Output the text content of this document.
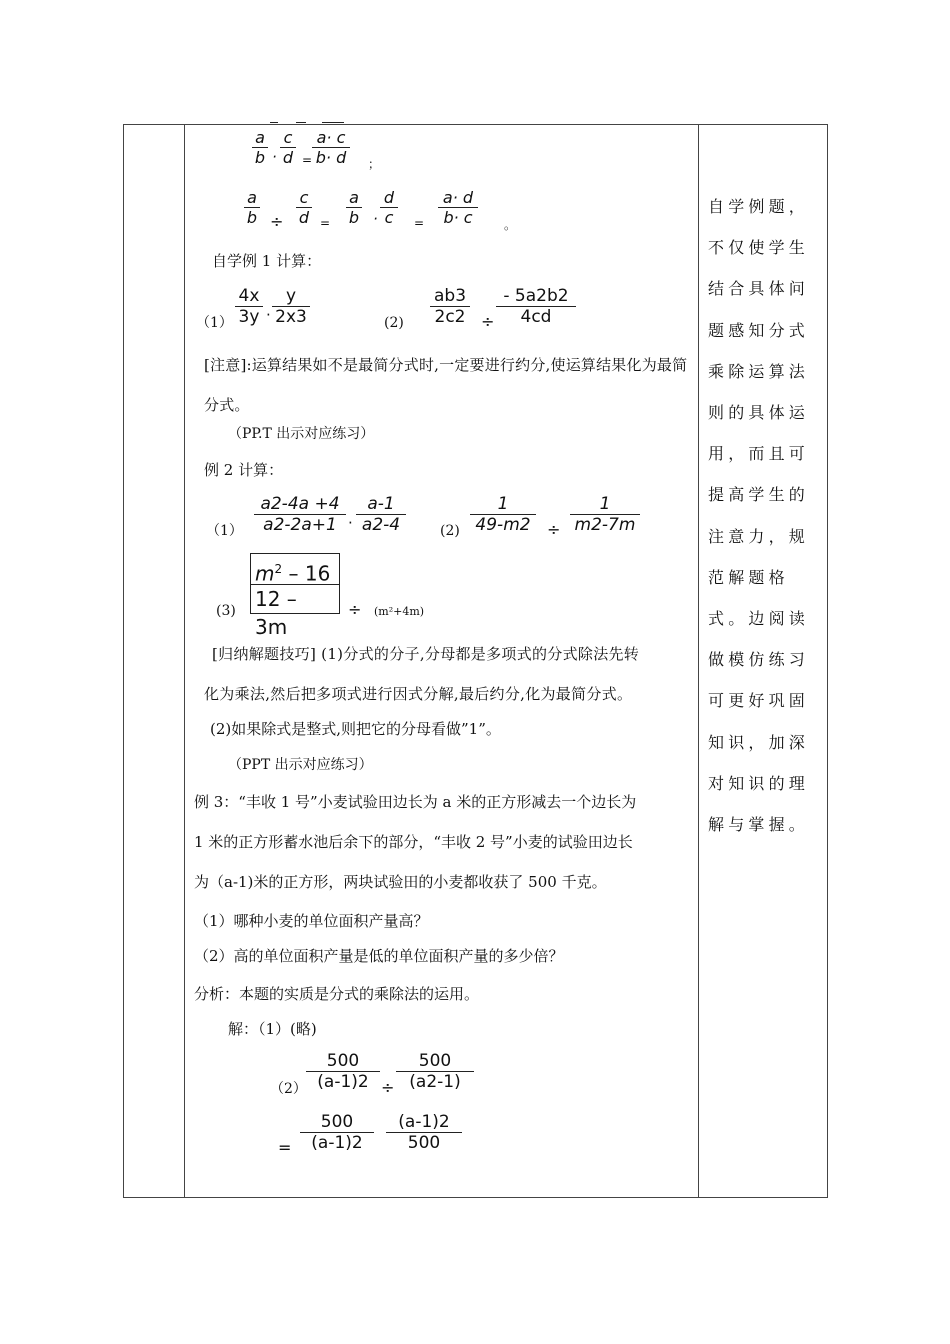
$\frac{a}{b} \cdot \frac{c}{d} = \frac{a\cdot c}{b\cdot d}$ ；
$\frac{a}{b} \div \frac{c}{d} = \frac{a}{b} \cdot \frac{d}{c} = \frac{a\cdot d}{b\cdot c}$ 。
自学例 1 计算：
$(1) \frac{4x}{3y} \cdot \frac{y}{2x3}$	$(2) \frac{ab3}{2c2} \div \frac{- 5a2b2}{4cd}$
[注意]:运算结果如不是最简分式时,一定要进行约分,使运算结果化为最简分式。
（PP.T 出示对应练习）
例 2 计算：
$(1) \frac{a2-4a +4}{a2-2a+1} \cdot \frac{a-1}{a2-4} (2) \frac{1}{49-m2} \div \frac{1}{m2-7m}$
(3)
$m^2 - 16$
12 – 3m
÷ (m²+4m)
[归纳解题技巧] (1)分式的分子,分母都是多项式的分式除法先转
化为乘法,然后把多项式进行因式分解,最后约分,化为最简分式。
(2)如果除式是整式,则把它的分母看做”1”。
（PPT 出示对应练习）
例 3：“丰收 1 号”小麦试验田边长为 a 米的正方形减去一个边长为
1 米的正方形蓄水池后余下的部分，“丰收 2 号”小麦的试验田边长
为（a-1)米的正方形，两块试验田的小麦都收获了 500 千克。
（1）哪种小麦的单位面积产量高？
（2）高的单位面积产量是低的单位面积产量的多少倍？
分析：本题的实质是分式的乘除法的运用。
解：（1）(略)
$(2) \frac{500}{(a-1)2} \div \frac{500}{(a2-1)}$
= $\frac{500}{(a-1)2} \frac{(a-1)2}{500}$
自学例题，不仅使学生结合具体问题感知分式乘除运算法则的具体运用，而且可提高学生的注意力，规范解题格式。边阅读做模仿练习可更好巩固知识，加深对知识的理解与掌握。
